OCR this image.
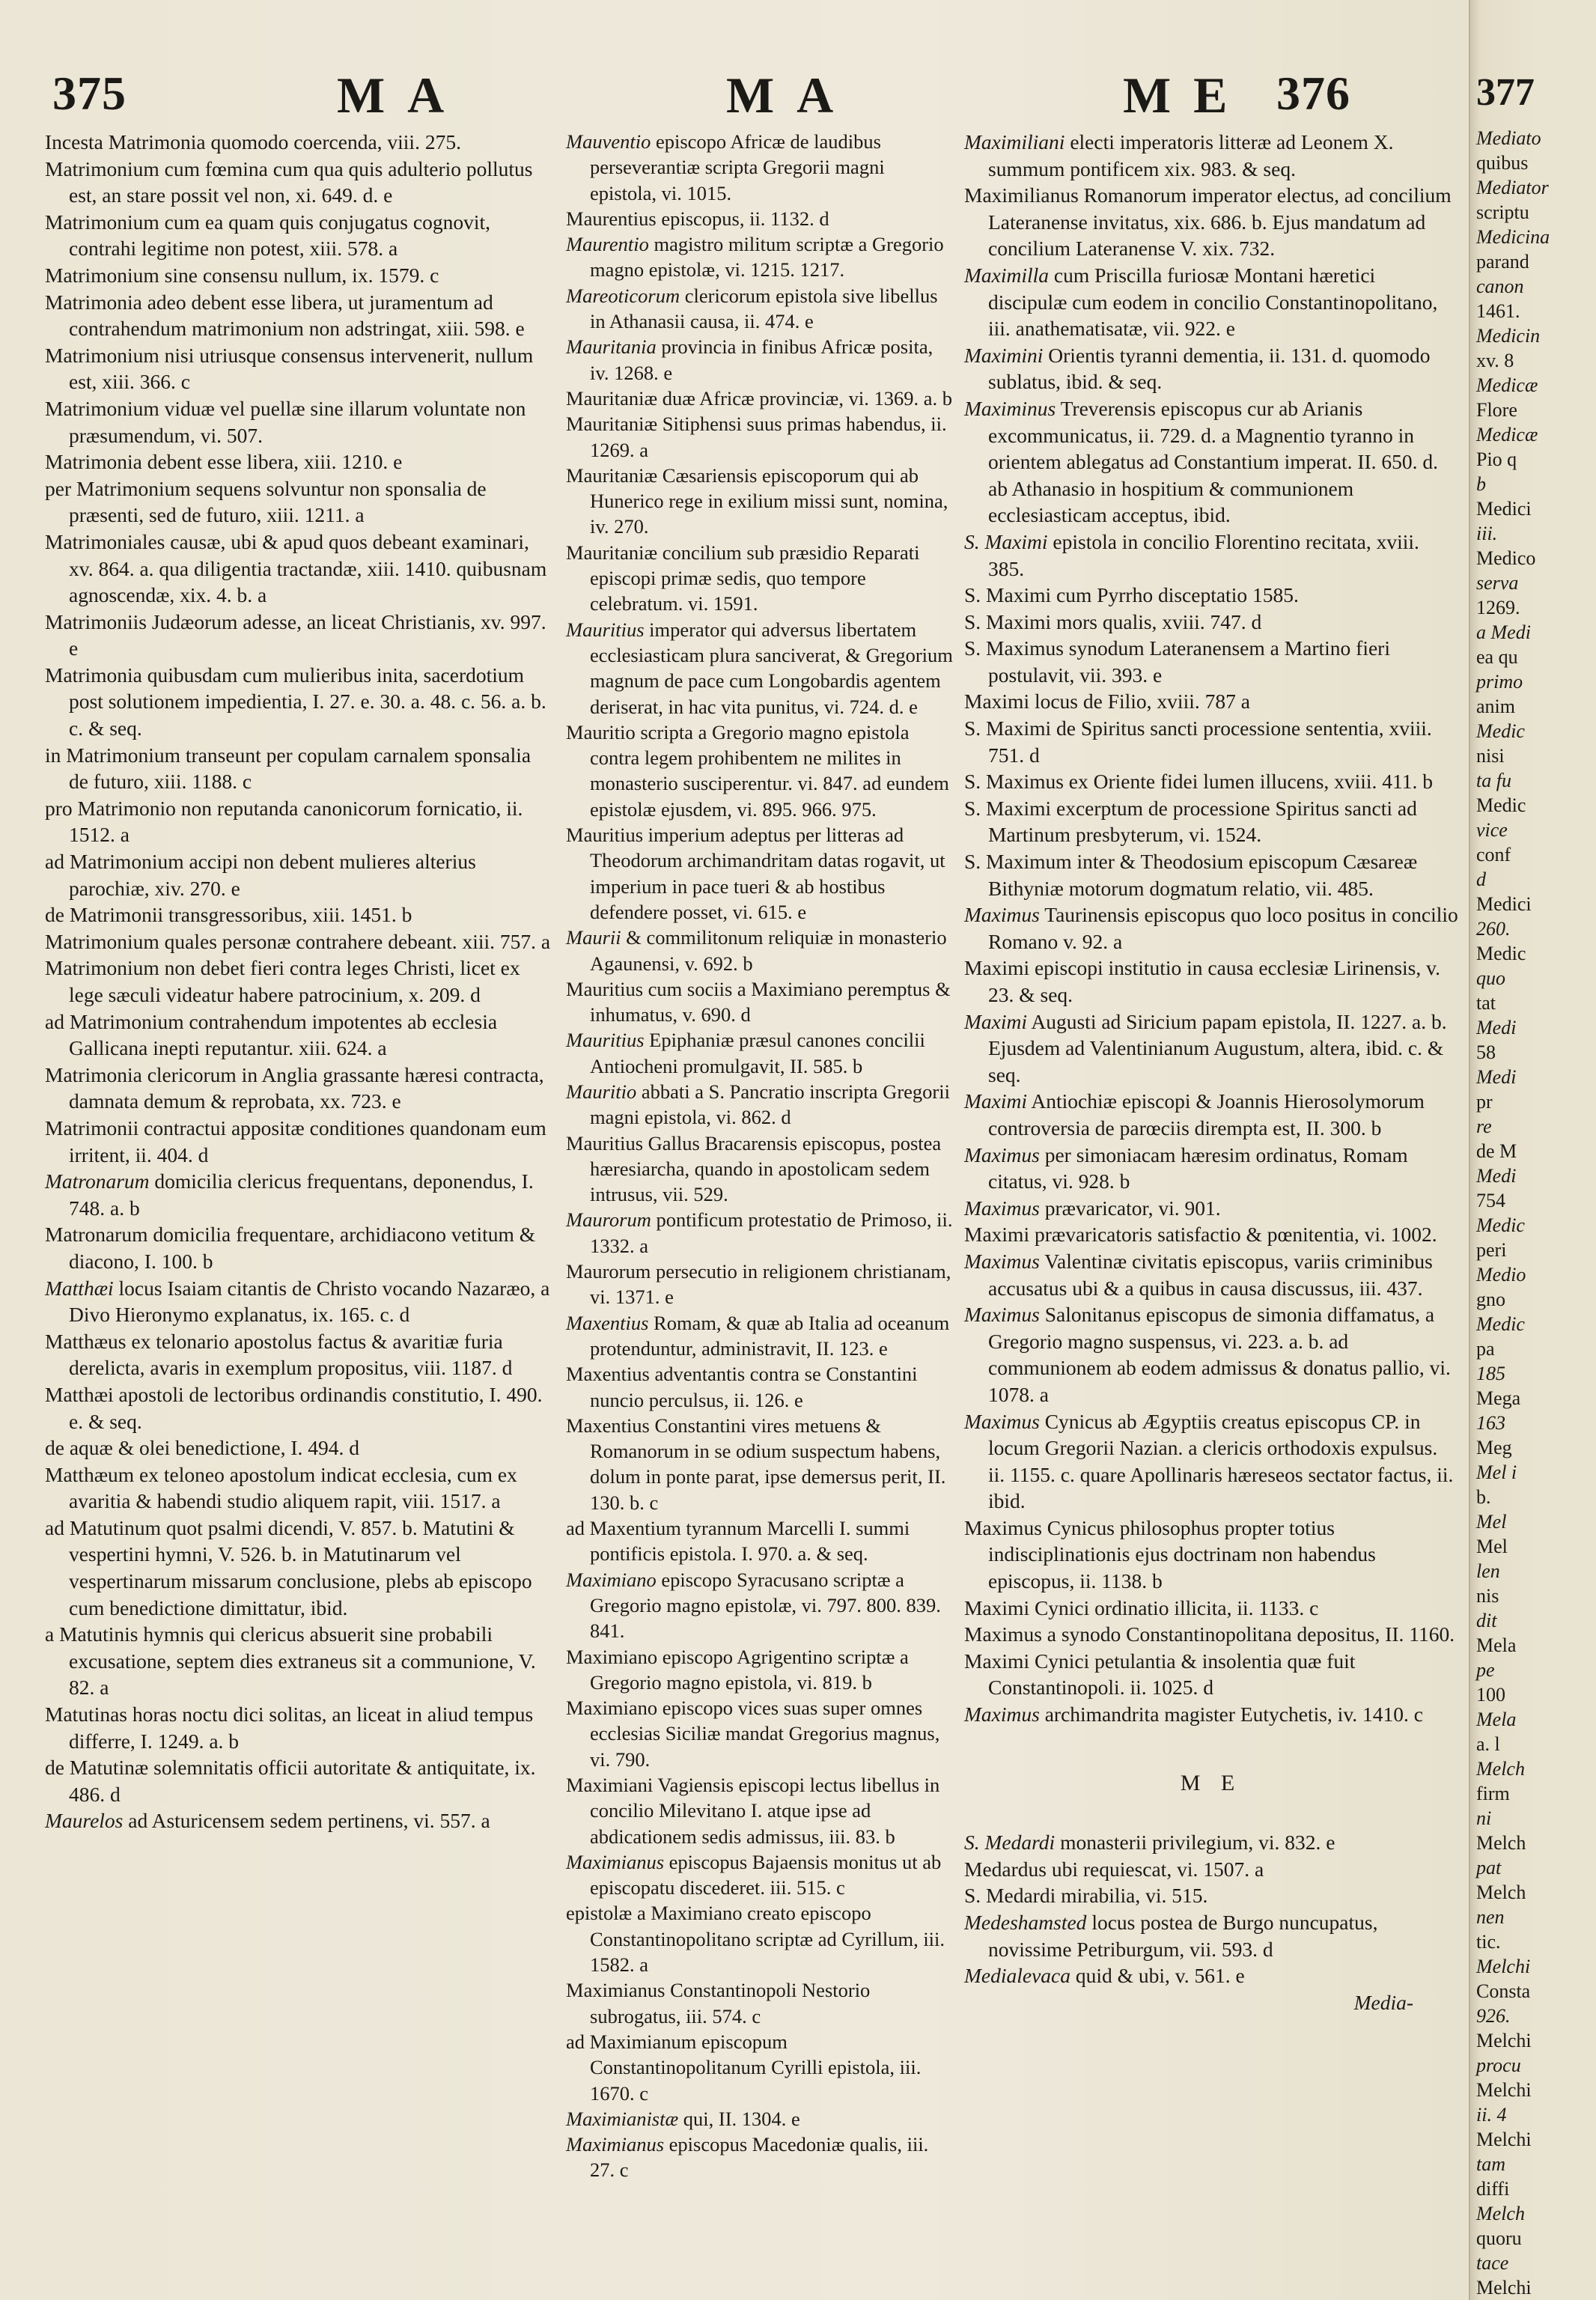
375	MA	MA	ME 376

Incesta Matrimonia quomodo coercenda, viii. 275.

Matrimonium cum fœmina cum qua quis adulterio pollutus est, an stare possit vel non, xi. 649. d. e

Matrimonium cum ea quam quis conjugatus cognovit, contrahi legitime non potest, xiii. 578. a

Matrimonium sine consensu nullum, ix. 1579. c

Matrimonia adeo debent esse libera, ut juramentum ad contrahendum matrimonium non adstringat, xiii. 598. e

Matrimonium nisi utriusque consensus intervenerit, nullum est, xiii. 366. c

Matrimonium viduæ vel puellæ sine illarum voluntate non præsumendum, vi. 507.

Matrimonia debent esse libera, xiii. 1210. e

per Matrimonium sequens solvuntur non sponsalia de præsenti, sed de futuro, xiii. 1211. a

Matrimoniales causæ, ubi & apud quos debeant examinari, xv. 864. a. qua diligentia tractandæ, xiii. 1410. quibusnam agnoscendæ, xix. 4. b. a

Matrimoniis Judæorum adesse, an liceat Christianis, xv. 997. e

Matrimonia quibusdam cum mulieribus inita, sacerdotium post solutionem impedientia, I. 27. e. 30. a. 48. c. 56. a. b. c. & seq.

in Matrimonium transeunt per copulam carnalem sponsalia de futuro, xiii. 1188. c

pro Matrimonio non reputanda canonicorum fornicatio, ii. 1512. a

ad Matrimonium accipi non debent mulieres alterius parochiæ, xiv. 270. e

de Matrimonii transgressoribus, xiii. 1451. b

Matrimonium quales personæ contrahere debeant. xiii. 757. a

Matrimonium non debet fieri contra leges Christi, licet ex lege sæculi videatur habere patrocinium, x. 209. d

ad Matrimonium contrahendum impotentes ab ecclesia Gallicana inepti reputantur. xiii. 624. a

Matrimonia clericorum in Anglia grassante hæresi contracta, damnata demum & reprobata, xx. 723. e

Matrimonii contractui appositæ conditiones quandonam eum irritent, ii. 404. d

Matronarum domicilia clericus frequentans, deponendus, I. 748. a. b

Matronarum domicilia frequentare, archidiacono vetitum & diacono, I. 100. b

Matthæi locus Isaiam citantis de Christo vocando Nazaræo, a Divo Hieronymo explanatus, ix. 165. c. d

Matthæus ex telonario apostolus factus & avaritiæ furia derelicta, avaris in exemplum propositus, viii. 1187. d

Matthæi apostoli de lectoribus ordinandis constitutio, I. 490. e. & seq.

de aquæ & olei benedictione, I. 494. d

Matthæum ex teloneo apostolum indicat ecclesia, cum ex avaritia & habendi studio aliquem rapit, viii. 1517. a

ad Matutinum quot psalmi dicendi, V. 857. b. Matutini & vespertini hymni, V. 526. b. in Matutinarum vel vespertinarum missarum conclusione, plebs ab episcopo cum benedictione dimittatur, ibid.

a Matutinis hymnis qui clericus absuerit sine probabili excusatione, septem dies extraneus sit a communione, V. 82. a

Matutinas horas noctu dici solitas, an liceat in aliud tempus differre, I. 1249. a. b

de Matutinæ solemnitatis officii autoritate & antiquitate, ix. 486. d

Maurelos ad Asturicensem sedem pertinens, vi. 557. a

Mauventio episcopo Africæ de laudibus perseverantiæ scripta Gregorii magni epistola, vi. 1015.

Maurentius episcopus, ii. 1132. d

Maurentio magistro militum scriptæ a Gregorio magno epistolæ, vi. 1215. 1217.

Mareoticorum clericorum epistola sive libellus in Athanasii causa, ii. 474. e

Mauritania provincia in finibus Africæ posita, iv. 1268. e

Mauritaniæ duæ Africæ provinciæ, vi. 1369. a. b

Mauritaniæ Sitiphensi suus primas habendus, ii. 1269. a

Mauritaniæ Cæsariensis episcoporum qui ab Hunerico rege in exilium missi sunt, nomina, iv. 270.

Mauritaniæ concilium sub præsidio Reparati episcopi primæ sedis, quo tempore celebratum. vi. 1591.

Mauritius imperator qui adversus libertatem ecclesiasticam plura sanciverat, & Gregorium magnum de pace cum Longobardis agentem deriserat, in hac vita punitus, vi. 724. d. e

Mauritio scripta a Gregorio magno epistola contra legem prohibentem ne milites in monasterio susciperentur. vi. 847. ad eundem epistolæ ejusdem, vi. 895. 966. 975.

Mauritius imperium adeptus per litteras ad Theodorum archimandritam datas rogavit, ut imperium in pace tueri & ab hostibus defendere posset, vi. 615. e

Maurii & commilitonum reliquiæ in monasterio Agaunensi, v. 692. b

Mauritius cum sociis a Maximiano peremptus & inhumatus, v. 690. d

Mauritius Epiphaniæ præsul canones concilii Antiocheni promulgavit, II. 585. b

Mauritio abbati a S. Pancratio inscripta Gregorii magni epistola, vi. 862. d

Mauritius Gallus Bracarensis episcopus, postea hæresiarcha, quando in apostolicam sedem intrusus, vii. 529.

Maurorum pontificum protestatio de Primoso, ii. 1332. a

Maurorum persecutio in religionem christianam, vi. 1371. e

Maxentius Romam, & quæ ab Italia ad oceanum protenduntur, administravit, II. 123. e

Maxentius adventantis contra se Constantini nuncio perculsus, ii. 126. e

Maxentius Constantini vires metuens & Romanorum in se odium suspectum habens, dolum in ponte parat, ipse demersus perit, II. 130. b. c

ad Maxentium tyrannum Marcelli I. summi pontificis epistola. I. 970. a. & seq.

Maximiano episcopo Syracusano scriptæ a Gregorio magno epistolæ, vi. 797. 800. 839. 841.

Maximiano episcopo Agrigentino scriptæ a Gregorio magno epistola, vi. 819. b

Maximiano episcopo vices suas super omnes ecclesias Siciliæ mandat Gregorius magnus, vi. 790.

Maximiani Vagiensis episcopi lectus libellus in concilio Milevitano I. atque ipse ad abdicationem sedis admissus, iii. 83. b

Maximianus episcopus Bajaensis monitus ut ab episcopatu discederet. iii. 515. c

epistolæ a Maximiano creato episcopo Constantinopolitano scriptæ ad Cyrillum, iii. 1582. a

Maximianus Constantinopoli Nestorio subrogatus, iii. 574. c

ad Maximianum episcopum Constantinopolitanum Cyrilli epistola, iii. 1670. c

Maximianistæ qui, II. 1304. e

Maximianus episcopus Macedoniæ qualis, iii. 27. c

Maximiliani electi imperatoris litteræ ad Leonem X. summum pontificem xix. 983. & seq.

Maximilianus Romanorum imperator electus, ad concilium Lateranense invitatus, xix. 686. b. Ejus mandatum ad concilium Lateranense V. xix. 732.

Maximilla cum Priscilla furiosæ Montani hæretici discipulæ cum eodem in concilio Constantinopolitano, iii. anathematisatæ, vii. 922. e

Maximini Orientis tyranni dementia, ii. 131. d. quomodo sublatus, ibid. & seq.

Maximinus Treverensis episcopus cur ab Arianis excommunicatus, ii. 729. d. a Magnentio tyranno in orientem ablegatus ad Constantium imperat. II. 650. d. ab Athanasio in hospitium & communionem ecclesiasticam acceptus, ibid.

S. Maximi epistola in concilio Florentino recitata, xviii. 385.

S. Maximi cum Pyrrho disceptatio 1585.

S. Maximi mors qualis, xviii. 747. d

S. Maximus synodum Lateranensem a Martino fieri postulavit, vii. 393. e

Maximi locus de Filio, xviii. 787 a

S. Maximi de Spiritus sancti processione sententia, xviii. 751. d

S. Maximus ex Oriente fidei lumen illucens, xviii. 411. b

S. Maximi excerptum de processione Spiritus sancti ad Martinum presbyterum, vi. 1524.

S. Maximum inter & Theodosium episcopum Cæsareæ Bithyniæ motorum dogmatum relatio, vii. 485.

Maximus Taurinensis episcopus quo loco positus in concilio Romano v. 92. a

Maximi episcopi institutio in causa ecclesiæ Lirinensis, v. 23. & seq.

Maximi Augusti ad Siricium papam epistola, II. 1227. a. b. Ejusdem ad Valentinianum Augustum, altera, ibid. c. & seq.

Maximi Antiochiæ episcopi & Joannis Hierosolymorum controversia de parœciis dirempta est, II. 300. b

Maximus per simoniacam hæresim ordinatus, Romam citatus, vi. 928. b

Maximus prævaricator, vi. 901.

Maximi prævaricatoris satisfactio & pœnitentia, vi. 1002.

Maximus Valentinæ civitatis episcopus, variis criminibus accusatus ubi & a quibus in causa discussus, iii. 437.

Maximus Salonitanus episcopus de simonia diffamatus, a Gregorio magno suspensus, vi. 223. a. b. ad communionem ab eodem admissus & donatus pallio, vi. 1078. a

Maximus Cynicus ab Ægyptiis creatus episcopus CP. in locum Gregorii Nazian. a clericis orthodoxis expulsus. ii. 1155. c. quare Apollinaris hæreseos sectator factus, ii. ibid.

Maximus Cynicus philosophus propter totius indisciplinationis ejus doctrinam non habendus episcopus, ii. 1138. b

Maximi Cynici ordinatio illicita, ii. 1133. c

Maximus a synodo Constantinopolitana depositus, II. 1160.

Maximi Cynici petulantia & insolentia quæ fuit Constantinopoli. ii. 1025. d

Maximus archimandrita magister Eutychetis, iv. 1410. c

M E

S. Medardi monasterii privilegium, vi. 832. e

Medardus ubi requiescat, vi. 1507. a

S. Medardi mirabilia, vi. 515.

Medeshamsted locus postea de Burgo nuncupatus, novissime Petriburgum, vii. 593. d

Medialevaca quid & ubi, v. 561. e

Media-

377
Mediato
quibus
Mediator
scriptu
Medicina
parand
canon
1461.
Medicin
xv. 8
Medicæ
Flore
Medicæ
Pio q
b
Medici
iii.
Medico
serva
1269.
a Medi
ea qu
primo
anim
Medic
nisi
ta fu
Medic
vice
conf
d
Medici
260.
Medic
quo
tat
Medi
58
Medi
pr
re
de M
Medi
754
Medic
peri
Medio
gno
Medic
pa
185
Mega
163
Meg
Mel i
b.
Mel
Mel
len
nis
dit
Mela
pe
100
Mela
a. l
Melch
firm
ni
Melch
pat
Melch
nen
tic.
Melchi
Consta
926.
Melchi
procu
Melchi
ii. 4
Melchi
tam
diffi
Melch
quoru
tace
Melchi
